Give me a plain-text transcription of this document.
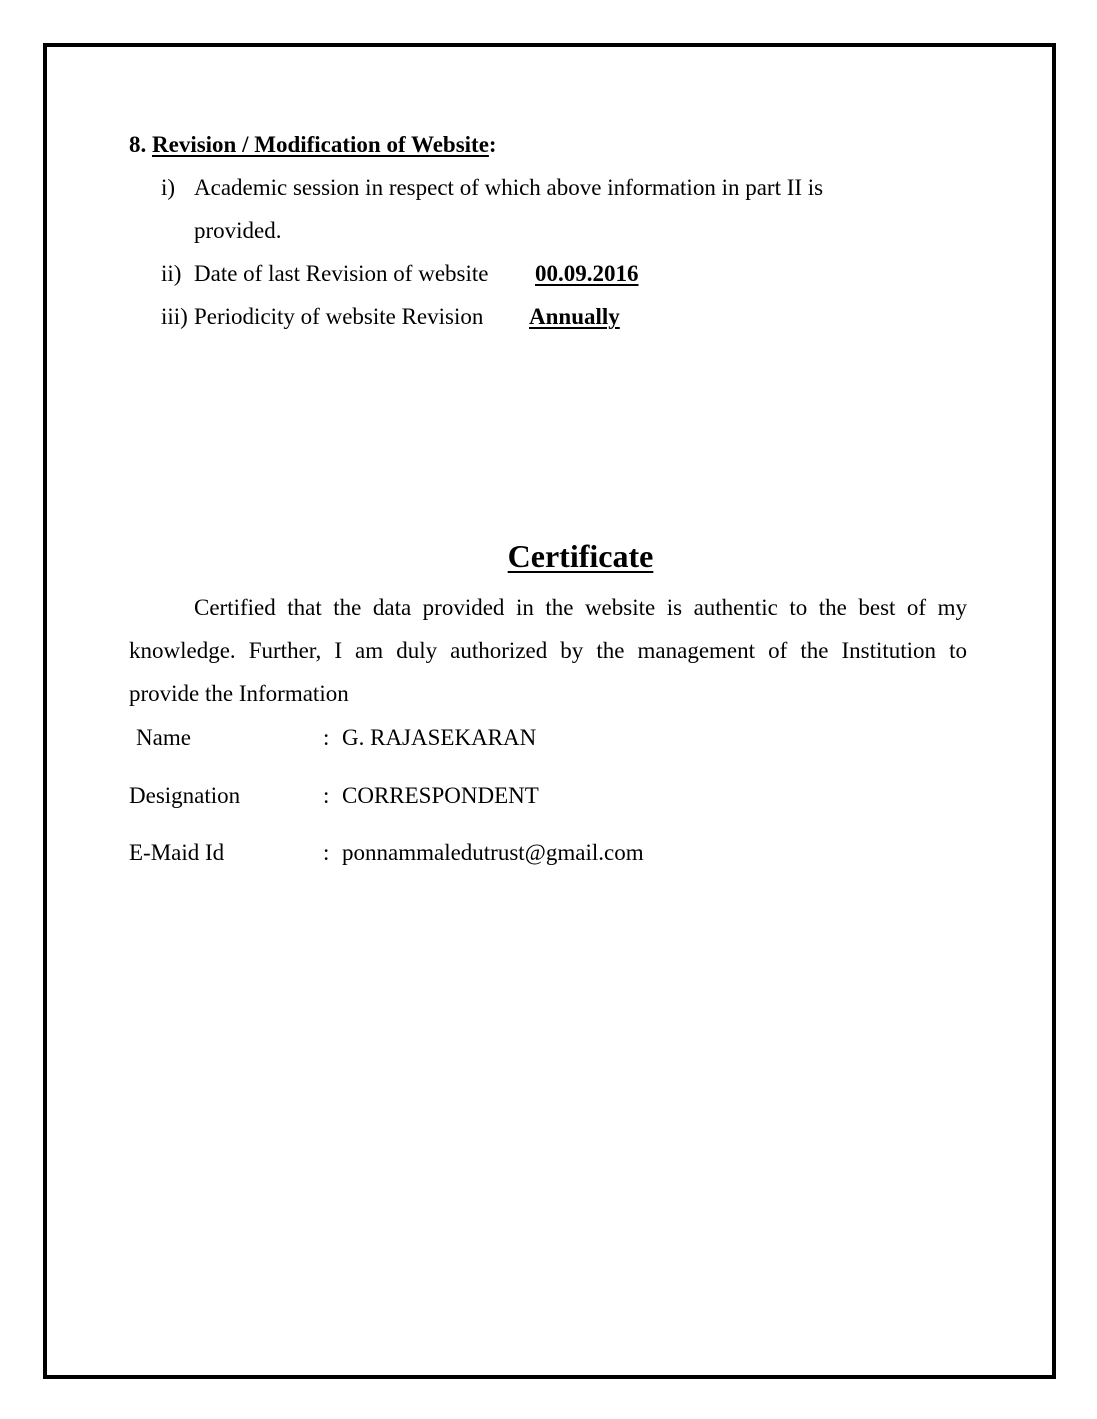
8. Revision / Modification of Website:
i) Academic session in respect of which above information in part II is
provided.
ii) Date of last Revision of website 00.09.2016
iii) Periodicity of website Revision Annually
Certificate
Certified that the data provided in the website is authentic to the best of my
knowledge. Further, I am duly authorized by the management of the Institution to
provide the Information
Name	: G. RAJASEKARAN
Designation	: CORRESPONDENT
E-Maid Id	: ponnammaledutrust@gmail.com
